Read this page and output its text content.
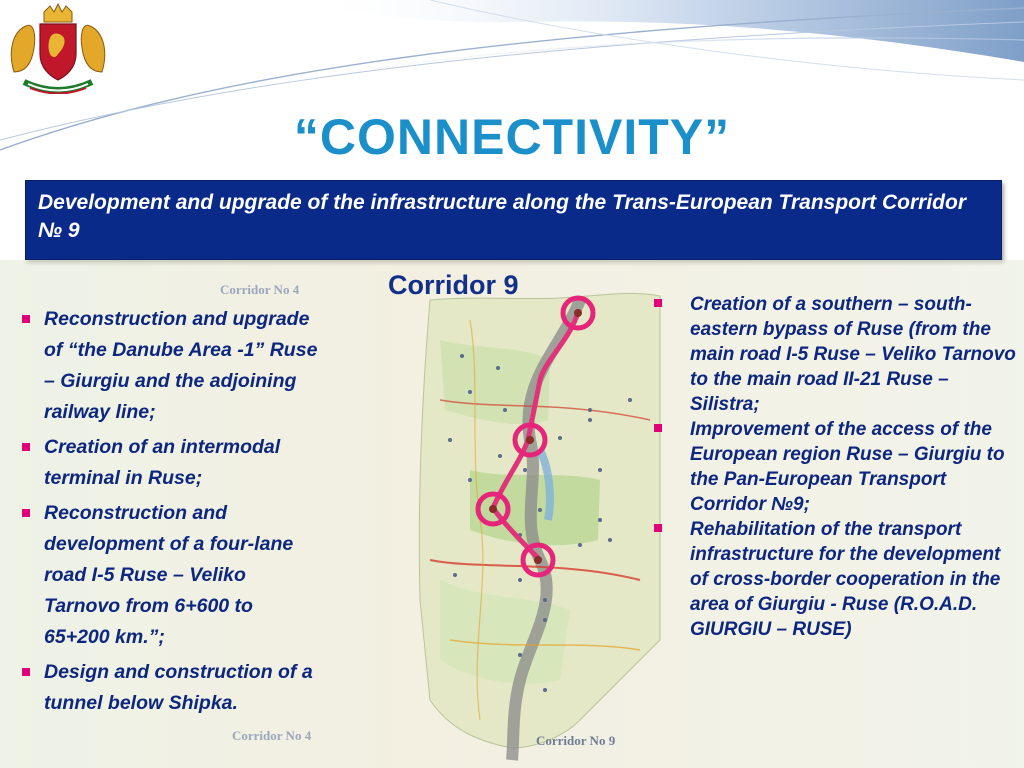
“CONNECTIVITY”
Development and upgrade of the infrastructure along the Trans-European Transport Corridor № 9
Corridor No 4
Corridor No 4	Corridor No 9
Corridor 9
Reconstruction and upgrade
of “the Danube Area -1” Ruse
– Giurgiu and the adjoining
railway line;
Creation of an intermodal
terminal in Ruse;
Reconstruction and
development of a four-lane
road I-5 Ruse – Veliko
Tarnovo from 6+600 to
65+200 km.”;
Design and construction of a
tunnel below Shipka.
Creation of a southern – south-eastern bypass of Ruse (from the main road I-5 Ruse – Veliko Tarnovo to the main road II-21 Ruse – Silistra;
Improvement of the access of the European region Ruse – Giurgiu to the Pan-European Transport Corridor №9;
Rehabilitation of the transport infrastructure for the development of cross-border cooperation in the area of Giurgiu - Ruse (R.O.A.D. GIURGIU – RUSE)
